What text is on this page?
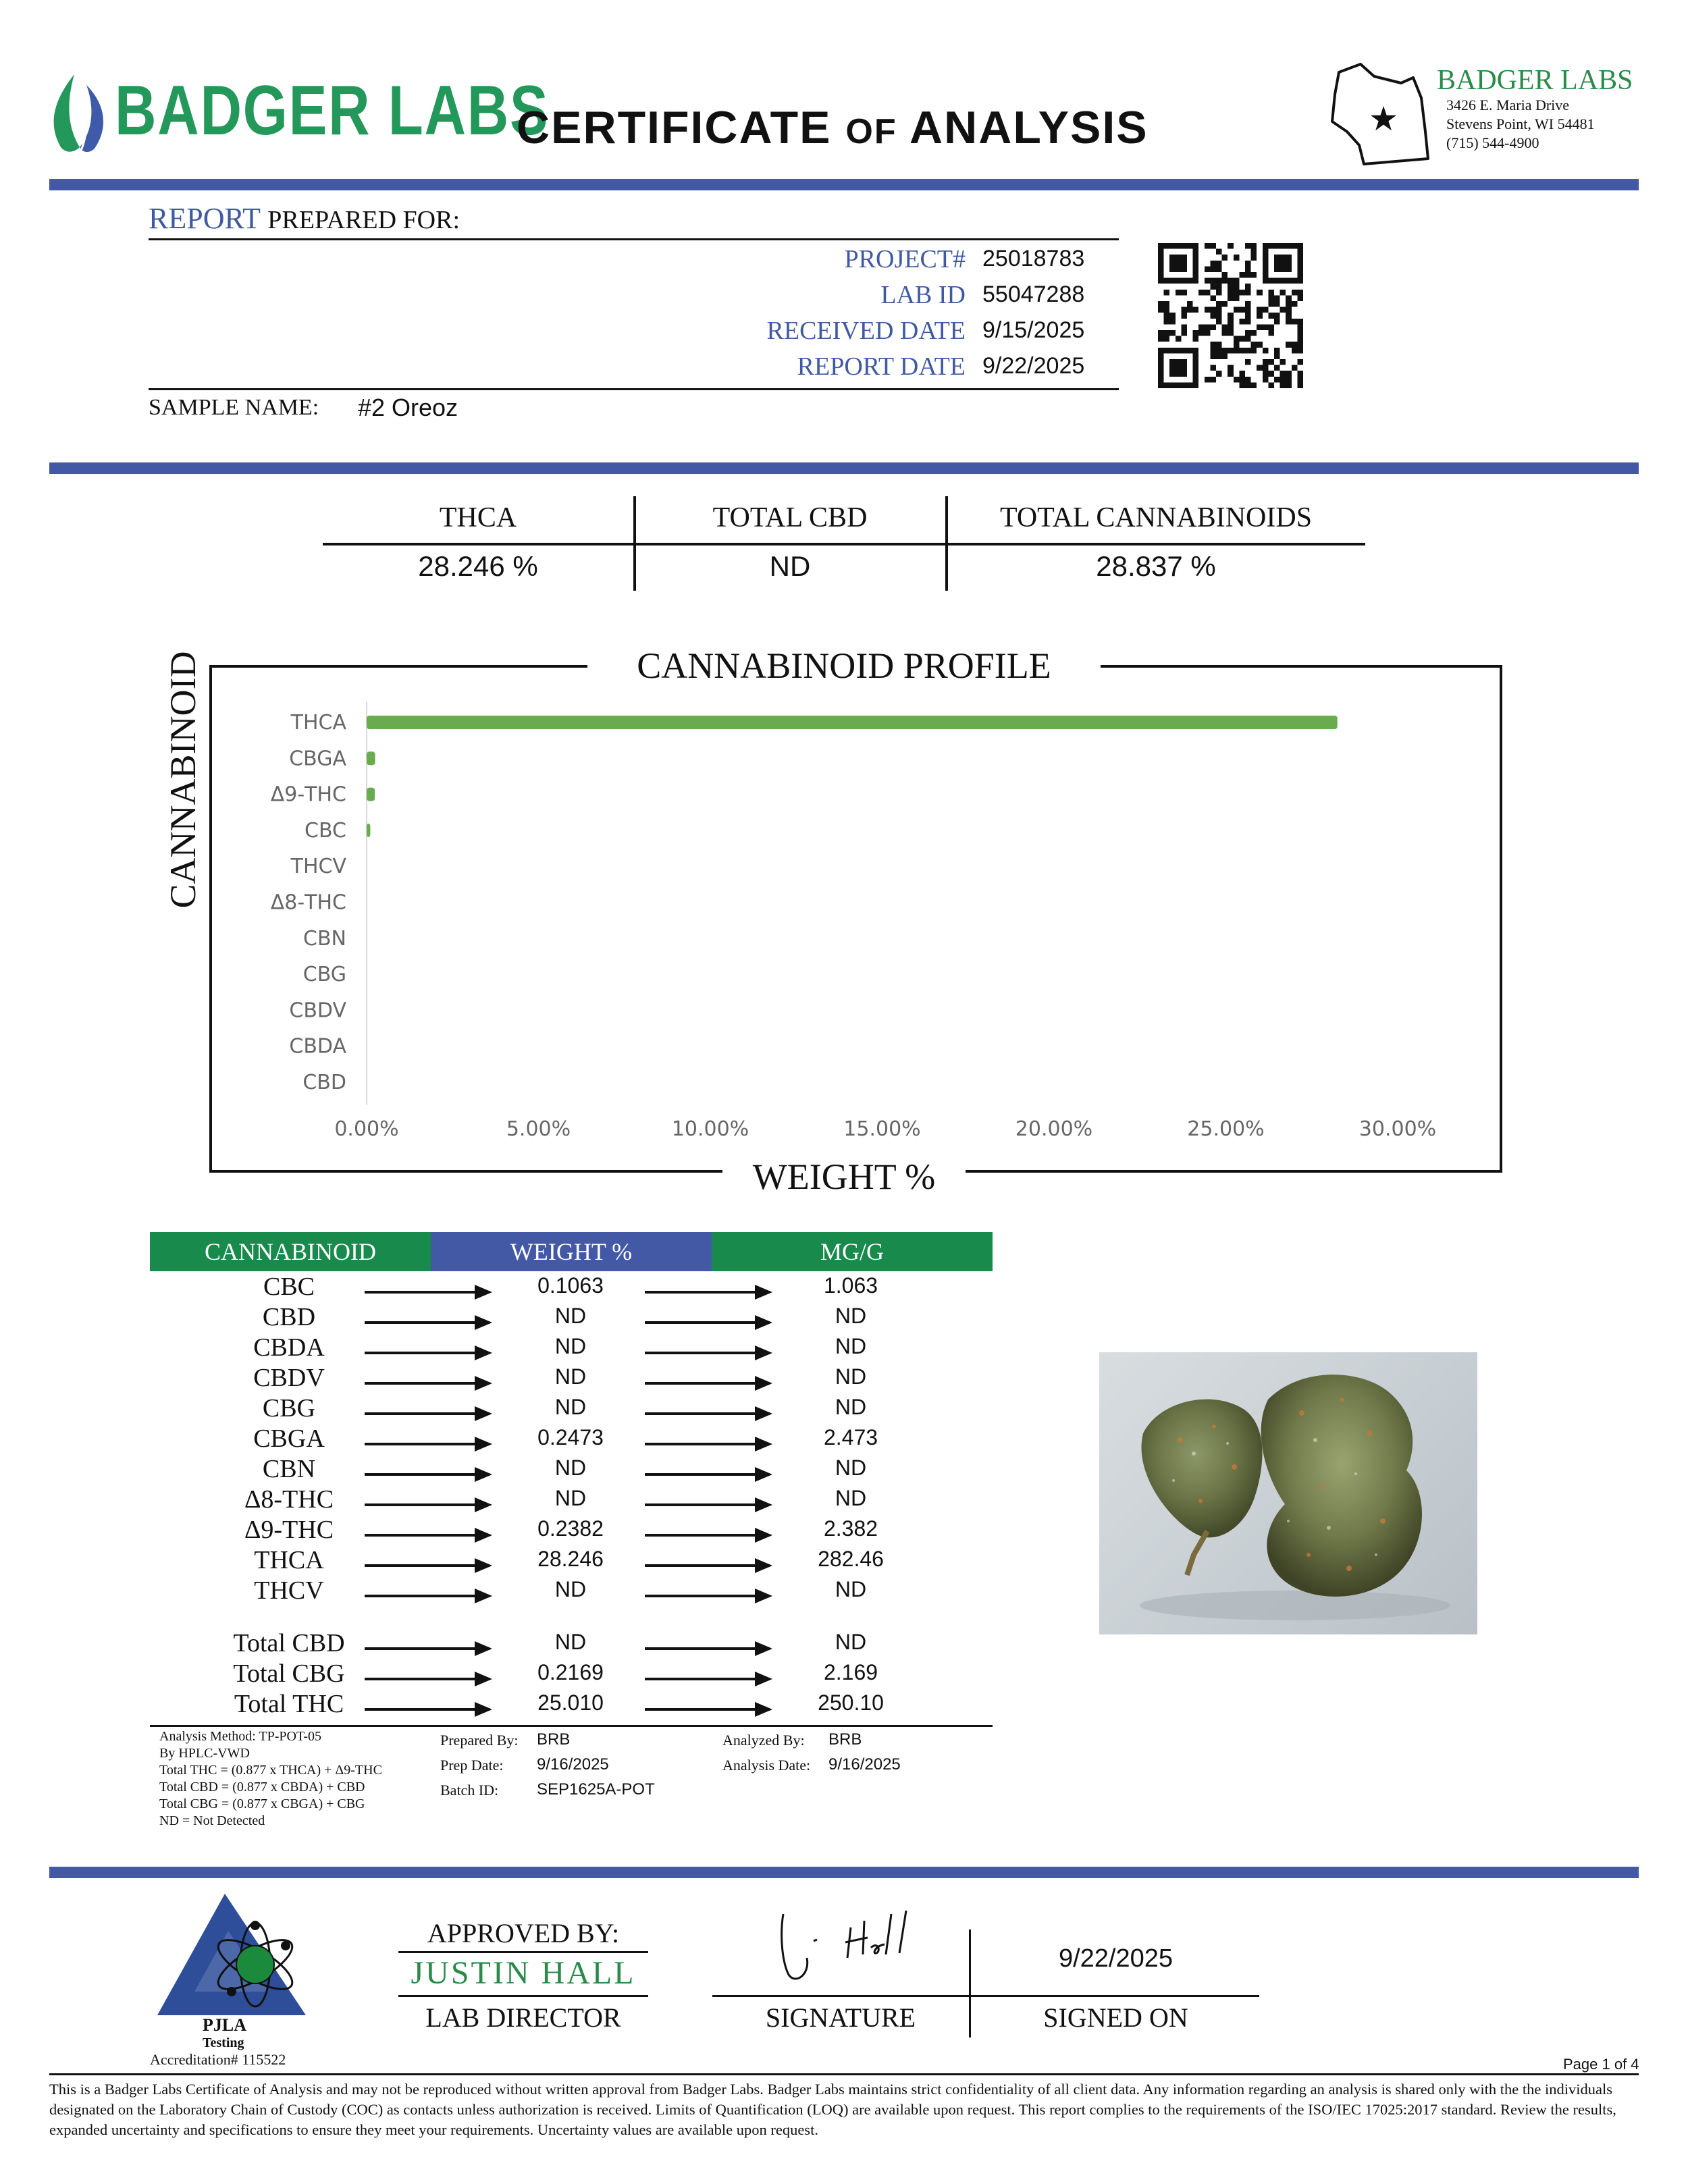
BADGER LABS
CERTIFICATE OF ANALYSIS	★
BADGER LABS
3426 E. Maria Drive
Stevens Point, WI 54481
(715) 544-4900
REPORT PREPARED FOR:
PROJECT# 25018783
LAB ID 55047288
RECEIVED DATE 9/15/2025
REPORT DATE 9/22/2025
SAMPLE NAME: #2 Oreoz
THCA	TOTAL CBD	TOTAL CANNABINOIDS
28.246 %	ND	28.837 %
THCA
CBGA
Δ9-THC
CBC
THCV
Δ8-THC
CBN
CBG
CBDV
CBDA
CBD
0.00%	5.00%	10.00%	15.00%	20.00%	25.00%	30.00%
CANNABINOID PROFILE
WEIGHT %
CANNABINOID
CANNABINOID	WEIGHT %	MG/G
CBC	0.1063	1.063
CBD	ND	ND
CBDA	ND	ND
CBDV	ND	ND
CBG	ND	ND
CBGA	0.2473	2.473
CBN	ND	ND
Δ8-THC	ND	ND
Δ9-THC	0.2382	2.382
THCA	28.246	282.46
THCV	ND	ND
Total CBD	ND	ND
Total CBG	0.2169	2.169
Total THC	25.010	250.10
Analysis Method: TP-POT-05
By HPLC-VWD
Total THC = (0.877 x THCA) + Δ9-THC
Total CBD = (0.877 x CBDA) + CBD
Total CBG = (0.877 x CBGA) + CBG
ND = Not Detected
Prepared By: BRB
Prep Date: 9/16/2025
Batch ID: SEP1625A-POT
Analyzed By: BRB
Analysis Date: 9/16/2025
PJLA
Testing
Accreditation# 115522
APPROVED BY:
JUSTIN HALL
LAB DIRECTOR	SIGNATURE
9/22/2025
SIGNED ON
Page 1 of 4
This is a Badger Labs Certificate of Analysis and may not be reproduced without written approval from Badger Labs. Badger Labs maintains strict confidentiality of all client data. Any information regarding an analysis is shared only with the the individuals designated on the Laboratory Chain of Custody (COC) as contacts unless authorization is received. Limits of Quantification (LOQ) are available upon request. This report complies to the requirements of the ISO/IEC 17025:2017 standard. Review the results, expanded uncertainty and specifications to ensure they meet your requirements. Uncertainty values are available upon request.
